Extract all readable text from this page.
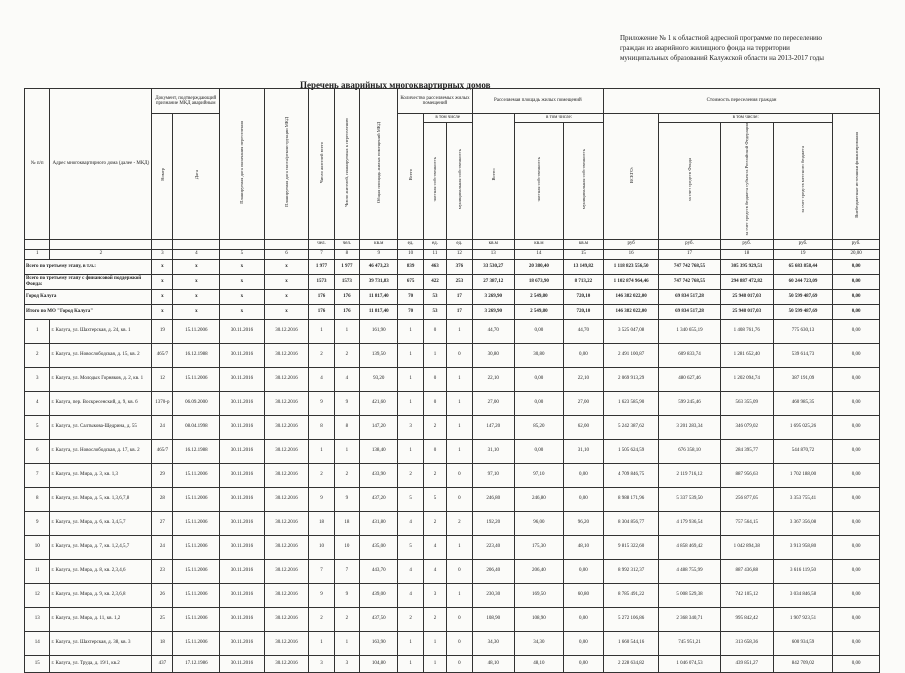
Приложение № 1 к областной адресной программе по переселению
граждан из аварийного жилищного фонда на территории
муниципальных образований Калужской области на 2013-2017 годы
Перечень аварийных многоквартирных домов
№ п/п	Адрес многоквартирного дома (далее - МКД)	Документ, подтверждающий признание МКД аварийным		Планируемая дата окончания переселения	Планируемая дата сноса/реконструкции МКД	Число жителей всего	Число жителей, планируемых к переселению	Общая площадь жилых помещений МКД	Количество расселяемых жилых помещений			Расселяемая площадь жилых помещений			Стоимость переселения граждан				
		Номер	Дата						Всего	в том числе		Всего:	в том числе:		ВСЕГО:	в том числе:			Внебюджетные источники финансирования
										частная собственность	муниципальная собственность		частная собственность	муниципальная собственность		за счет средств Фонда	за счет средств бюджета субъекта Российской Федерации	за счет средств местного бюджета	
						чел.	чел.	кв.м	ед.	ед.	ед.	кв.м	кв.м	кв.м	руб	руб.	руб.	руб.	руб.
1	2	3	4	5	6	7	8	9	10	11	12	13	14	15	16	17	18	19	20,00
Всего по третьему этапу, в т.ч.:		x	x	x	x	1 977	1 977	46 473,23	839	463	376	33 530,27	20 380,40	13 149,82	1 118 823 556,50	747 742 768,55	305 395 929,51	65 683 858,44	0,00
Всего по третьему этапу с финансовой поддержкой Фонда:		x	x	x	x	1573	1573	39 731,83	675	422	253	27 387,12	18 673,90	8 713,22	1 102 874 964,46	747 742 768,55	294 887 472,82	60 244 723,09	0,00
Город Калуга		x	x	x	x	176	176	11 817,40	70	53	17	3 269,90	2 549,80	720,10	146 382 022,00	69 834 517,28	25 948 017,03	50 599 487,69	0,00
Итого по МО "Город Калуга"		x	x	x	x	176	176	11 817,40	70	53	17	3 269,90	2 549,80	720,10	146 382 022,00	69 834 517,28	25 948 017,03	50 599 487,69	0,00
1	г. Калуга, ул. Шахтерская, д. 24, кв. 1	19	15.11.2006	30.11.2016	30.12.2016	1	1	161,90	1	0	1	44,70	0,00	44,70	3 525 047,08	1 340 655,19	1 408 761,76	775 630,13	0,00
2	г. Калуга, ул. Новослободская, д. 15, кв. 2	465/7	16.12.1988	30.11.2016	30.12.2016	2	2	139,50	1	1	0	30,80	30,80	0,00	2 491 100,87	609 833,74	1 281 652,40	539 614,73	0,00
3	г. Калуга, ул. Молодых Горняков, д. 2, кв. 1	12	15.11.2006	30.11.2016	30.12.2016	4	4	93,20	1	0	1	22,10	0,00	22,10	2 069 913,29	480 627,46	1 202 094,74	387 191,09	0,00
4	г. Калуга, пер. Воскресенский, д. 9, кв. 6	1370-р	06.09.2000	30.11.2016	30.12.2016	9	9	421,60	1	0	1	27,00	0,00	27,00	1 623 585,90	599 245,46	563 355,09	460 985,35	0,00
5	г. Калуга, ул. Салтыкова-Щедрина, д. 55	24	08.04.1998	30.11.2016	30.12.2016	8	8	147,20	3	2	1	147,20	85,20	62,00	5 242 387,62	3 201 283,34	346 079,02	1 695 025,26	0,00
6	г. Калуга, ул. Новослободская, д. 17, кв. 2	465/7	16.12.1988	30.11.2016	30.12.2016	1	1	138,40	1	0	1	31,10	0,00	31,10	1 505 624,59	676 358,10	284 395,77	544 870,72	0,00
7	г. Калуга, ул. Мира, д. 3, кв. 1,3	29	15.11.2006	30.11.2016	30.12.2016	2	2	433,90	2	2	0	97,10	97,10	0,00	4 709 846,75	2 119 716,12	887 956,63	1 702 188,00	0,00
8	г. Калуга, ул. Мира, д. 5, кв. 1,3,6,7,8	28	15.11.2006	30.11.2016	30.12.2016	9	9	437,20	5	5	0	246,80	246,80	0,00	8 988 171,96	5 337 539,50	256 877,05	3 353 755,41	0,00
9	г. Калуга, ул. Мира, д. 6, кв. 3,4,5,7	27	15.11.2006	30.11.2016	30.12.2016	18	18	431,80	4	2	2	192,20	96,00	96,20	8 304 856,77	4 179 936,54	757 564,15	3 367 356,08	0,00
10	г. Калуга, ул. Мира, д. 7, кв. 1,2,4,5,7	24	15.11.2006	30.11.2016	30.12.2016	10	10	435,00	5	4	1	223,40	175,30	48,10	9 815 322,60	4 858 469,42	1 042 894,38	3 913 958,80	0,00
11	г. Калуга, ул. Мира, д. 8, кв. 2,3,4,6	23	15.11.2006	30.11.2016	30.12.2016	7	7	443,70	4	4	0	206,40	206,40	0,00	8 992 312,37	4 488 755,99	887 436,88	3 616 119,50	0,00
12	г. Калуга, ул. Мира, д. 9, кв. 2,3,6,8	26	15.11.2006	30.11.2016	30.12.2016	9	9	439,00	4	3	1	230,30	169,50	60,80	8 785 491,22	5 008 529,38	742 105,12	3 034 846,58	0,00
13	г. Калуга, ул. Мира, д. 11, кв. 1,2	25	15.11.2006	30.11.2016	30.12.2016	2	2	437,50	2	2	0	108,90	108,90	0,00	5 272 106,86	2 368 340,71	995 842,42	1 907 923,51	0,00
14	г. Калуга, ул. Шахтерская, д. 38, кв. 3	18	15.11.2006	30.11.2016	30.12.2016	1	1	163,90	1	1	0	34,30	34,30	0,00	1 660 544,16	745 951,21	313 658,36	600 934,59	0,00
15	г. Калуга, ул. Труда, д. 19/1, кв.2	437	17.12.1986	30.11.2016	30.12.2016	3	3	104,80	1	1	0	48,10	48,10	0,00	2 228 634,82	1 046 074,53	439 851,27	842 709,02	0,00
